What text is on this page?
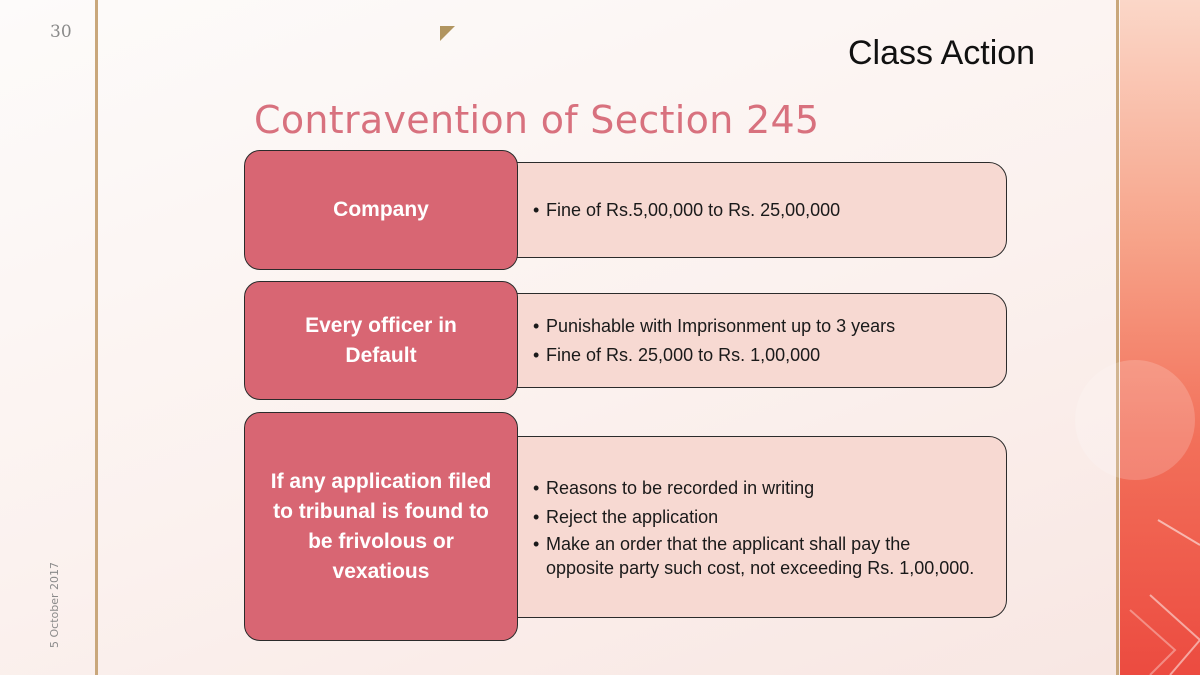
30
5 October 2017
Class Action
Contravention of Section 245
• Fine of Rs.5,00,000 to Rs. 25,00,000
Company
• Punishable with Imprisonment up to 3 years
• Fine of Rs. 25,000 to Rs. 1,00,000
Every officer in Default
• Reasons to be recorded in writing
• Reject the application
• Make an order that the applicant shall pay the opposite party such cost, not exceeding Rs. 1,00,000.
If any application filed to tribunal is found to be frivolous or vexatious
